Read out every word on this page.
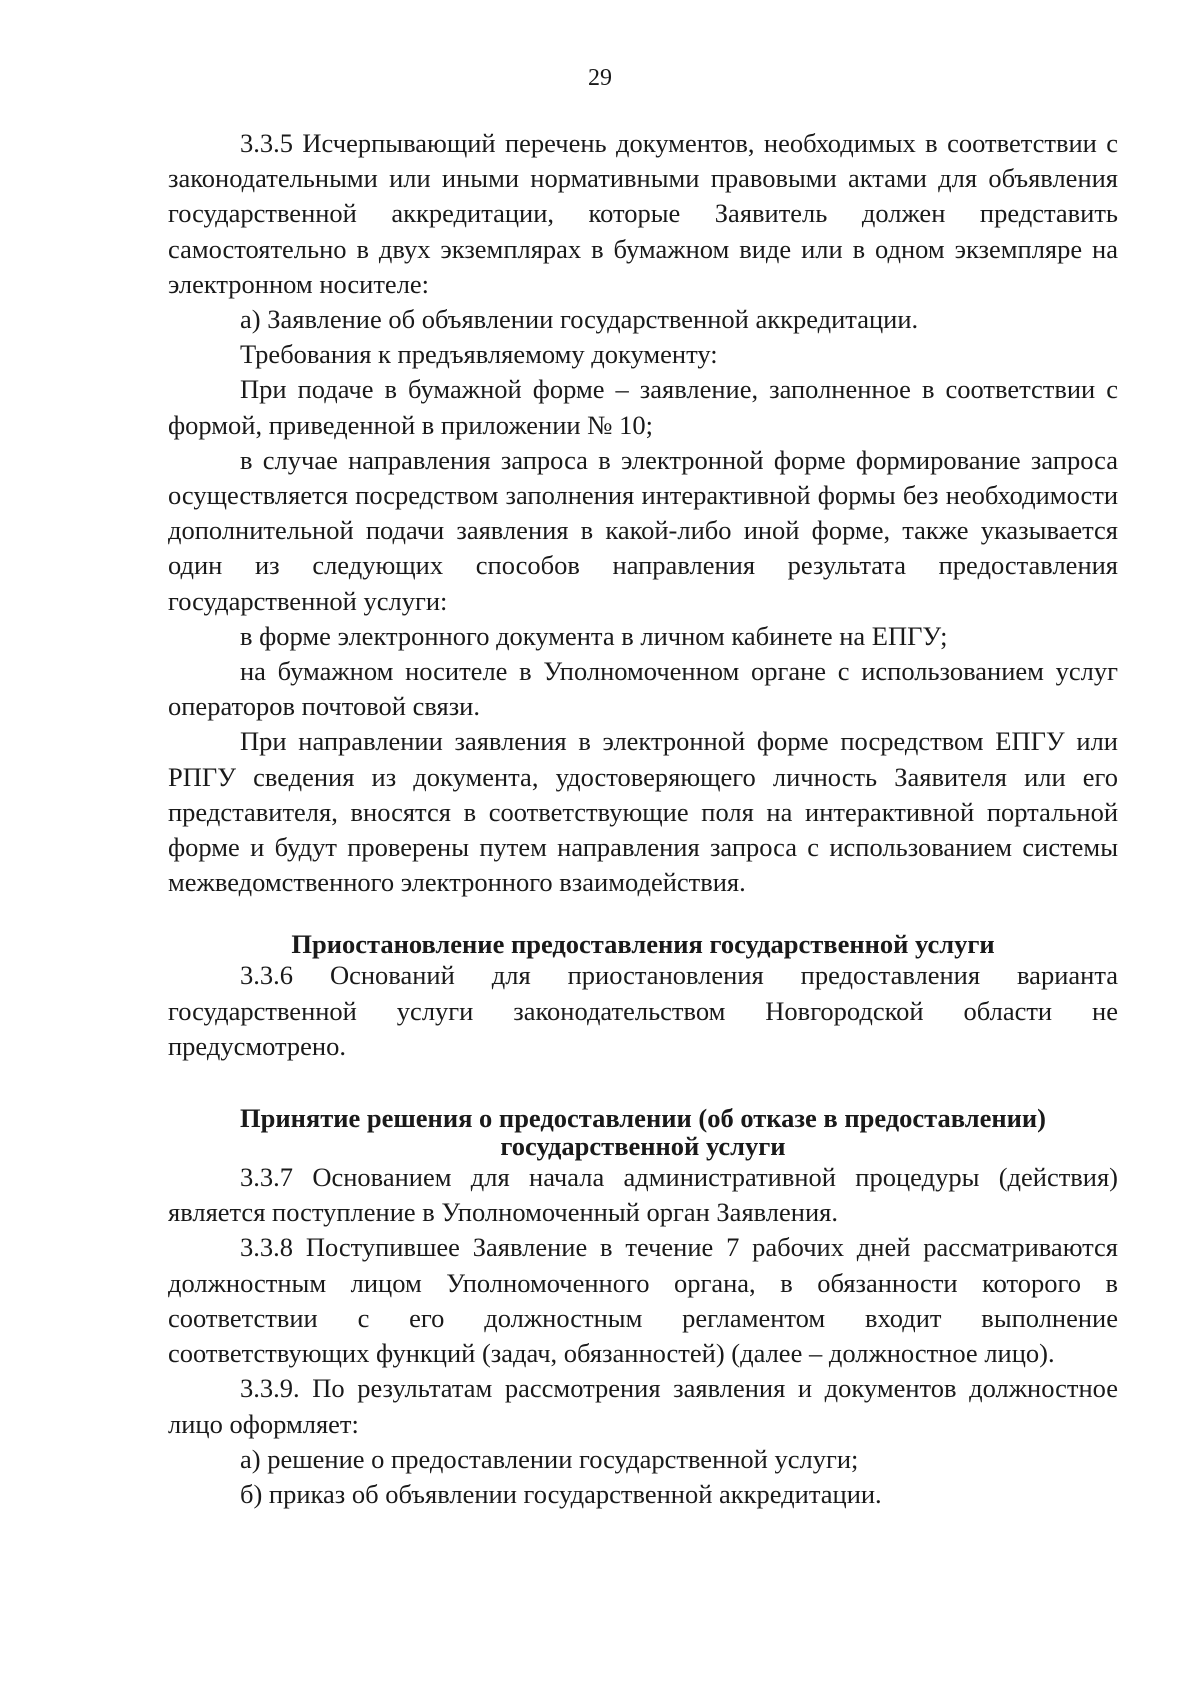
29

3.3.5 Исчерпывающий перечень документов, необходимых в соответствии с законодательными или иными нормативными правовыми актами для объявления государственной аккредитации, которые Заявитель должен представить самостоятельно в двух экземплярах в бумажном виде или в одном экземпляре на электронном носителе:

а) Заявление об объявлении государственной аккредитации.

Требования к предъявляемому документу:

При подаче в бумажной форме – заявление, заполненное в соответствии с формой, приведенной в приложении № 10;

в случае направления запроса в электронной форме формирование запроса осуществляется посредством заполнения интерактивной формы без необходимости дополнительной подачи заявления в какой-либо иной форме, также указывается один из следующих способов направления результата предоставления государственной услуги:

в форме электронного документа в личном кабинете на ЕПГУ;

на бумажном носителе в Уполномоченном органе с использованием услуг операторов почтовой связи.

При направлении заявления в электронной форме посредством ЕПГУ или РПГУ сведения из документа, удостоверяющего личность Заявителя или его представителя, вносятся в соответствующие поля на интерактивной портальной форме и будут проверены путем направления запроса с использованием системы межведомственного электронного взаимодействия.

Приостановление предоставления государственной услуги

3.3.6 Оснований для приостановления предоставления варианта государственной услуги законодательством Новгородской области не предусмотрено.

Принятие решения о предоставлении (об отказе в предоставлении)
государственной услуги

3.3.7 Основанием для начала административной процедуры (действия) является поступление в Уполномоченный орган Заявления.

3.3.8 Поступившее Заявление в течение 7 рабочих дней рассматриваются должностным лицом Уполномоченного органа, в обязанности которого в соответствии с его должностным регламентом входит выполнение соответствующих функций (задач, обязанностей) (далее – должностное лицо).

3.3.9. По результатам рассмотрения заявления и документов должностное лицо оформляет:

а) решение о предоставлении государственной услуги;

б) приказ об объявлении государственной аккредитации.
